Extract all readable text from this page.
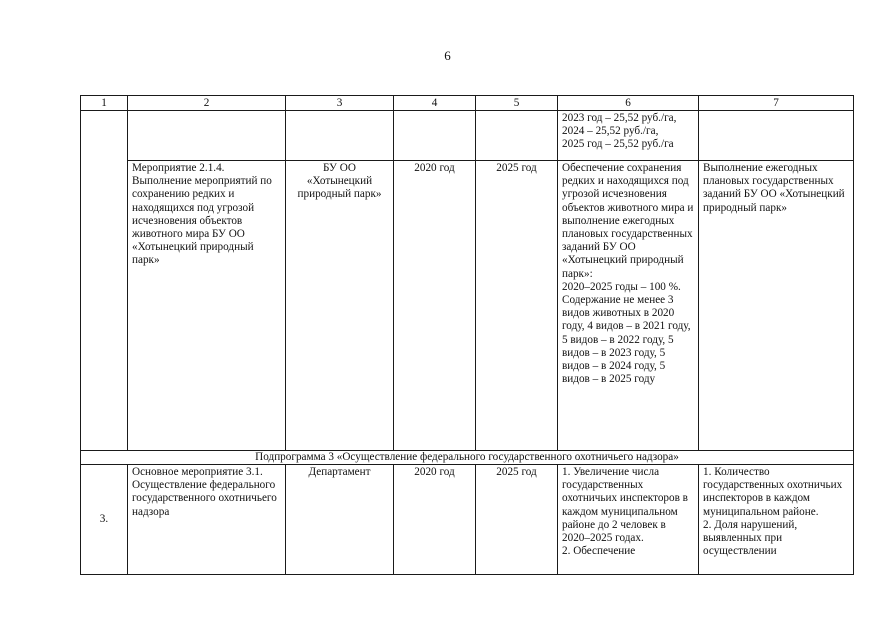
6
1	2	3	4	5	6	7
					2023 год – 25,52 руб./га,
2024 – 25,52 руб./га,
2025 год – 25,52 руб./га	
	Мероприятие 2.1.4.
Выполнение мероприятий по сохранению редких и находящихся под угрозой исчезновения объектов животного мира БУ ОО «Хотынецкий природный парк»	БУ ОО «Хотынецкий природный парк»	2020 год	2025 год	Обеспечение сохранения редких и находящихся под угрозой исчезновения объектов животного мира и выполнение ежегодных плановых государственных заданий БУ ОО «Хотынецкий природный парк»:
2020–2025 годы – 100 %.
Содержание не менее 3 видов животных в 2020 году, 4 видов – в 2021 году, 5 видов – в 2022 году, 5 видов – в 2023 году, 5 видов – в 2024 году, 5 видов – в 2025 году	Выполнение ежегодных плановых государственных заданий БУ ОО «Хотынецкий природный парк»
Подпрограмма 3 «Осуществление федерального государственного охотничьего надзора»						
3.	Основное мероприятие 3.1. Осуществление федерального государственного охотничьего надзора	Департамент	2020 год	2025 год	1. Увеличение числа государственных охотничьих инспекторов в каждом муниципальном районе до 2 человек в 2020–2025 годах.
2. Обеспечение	1. Количество государственных охотничьих инспекторов в каждом муниципальном районе.
2. Доля нарушений, выявленных при осуществлении
